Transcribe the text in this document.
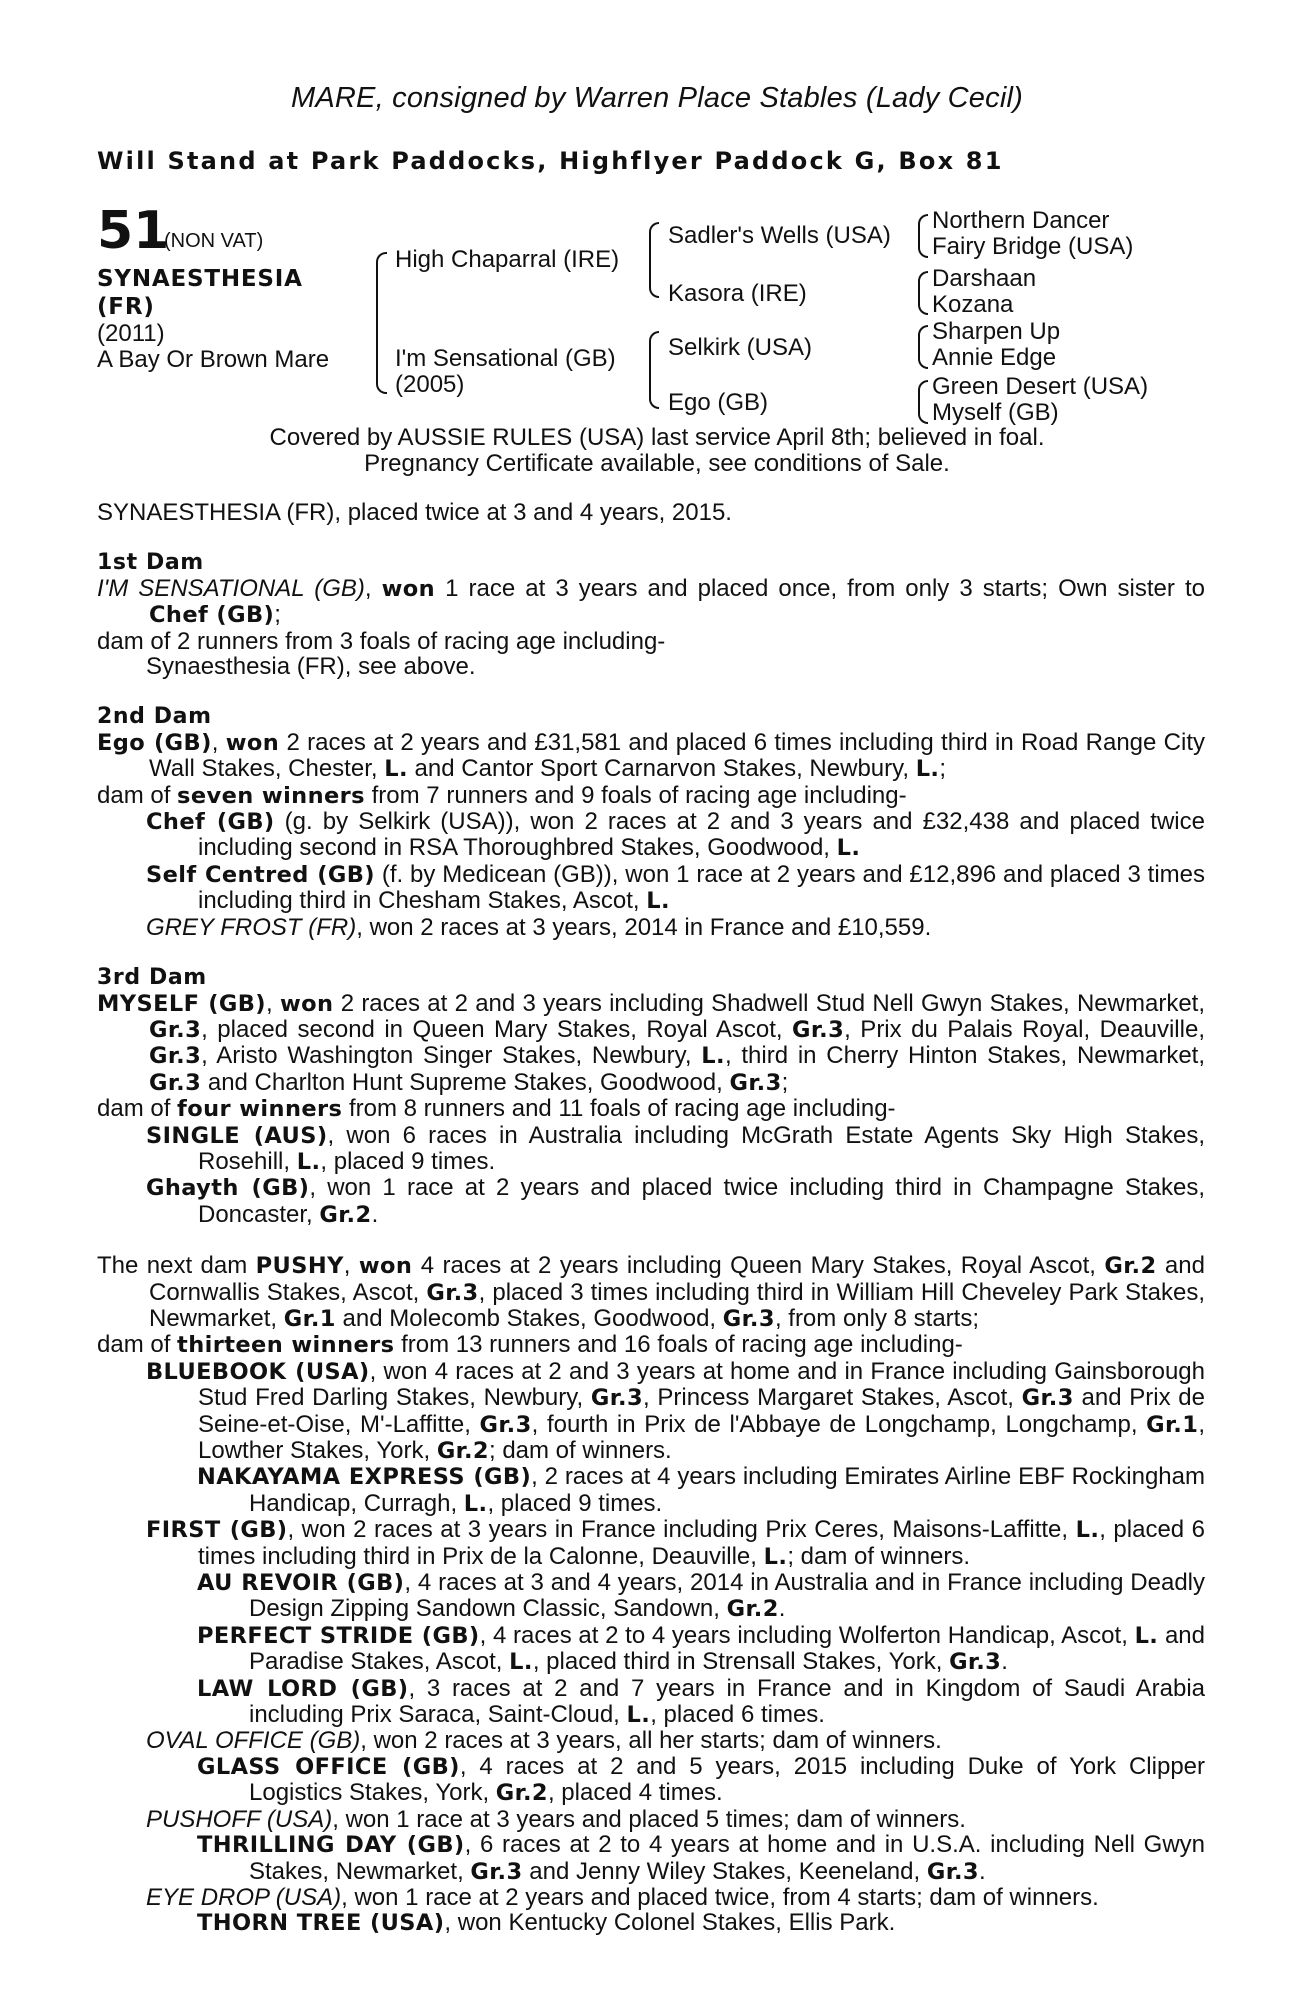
MARE, consigned by Warren Place Stables (Lady Cecil)
Will Stand at Park Paddocks, Highflyer Paddock G, Box 81
51
(NON VAT)
SYNAESTHESIA
(FR)
(2011)
A Bay Or Brown Mare
High Chaparral (IRE)
I'm Sensational (GB)
(2005)
Sadler's Wells (USA)
Kasora (IRE)
Selkirk (USA)
Ego (GB)
Northern Dancer
Fairy Bridge (USA)
Darshaan
Kozana
Sharpen Up
Annie Edge
Green Desert (USA)
Myself (GB)
Covered by AUSSIE RULES (USA) last service April 8th; believed in foal.
Pregnancy Certificate available, see conditions of Sale.

SYNAESTHESIA (FR), placed twice at 3 and 4 years, 2015.

1st Dam

I'M SENSATIONAL (GB), won 1 race at 3 years and placed once, from only 3 starts; Own sister to Chef (GB);

dam of 2 runners from 3 foals of racing age including-

Synaesthesia (FR), see above.

2nd Dam

Ego (GB), won 2 races at 2 years and £31,581 and placed 6 times including third in Road Range City Wall Stakes, Chester, L. and Cantor Sport Carnarvon Stakes, Newbury, L.;

dam of seven winners from 7 runners and 9 foals of racing age including-

Chef (GB) (g. by Selkirk (USA)), won 2 races at 2 and 3 years and £32,438 and placed twice including second in RSA Thoroughbred Stakes, Goodwood, L.

Self Centred (GB) (f. by Medicean (GB)), won 1 race at 2 years and £12,896 and placed 3 times including third in Chesham Stakes, Ascot, L.

GREY FROST (FR), won 2 races at 3 years, 2014 in France and £10,559.

3rd Dam

MYSELF (GB), won 2 races at 2 and 3 years including Shadwell Stud Nell Gwyn Stakes, Newmarket, Gr.3, placed second in Queen Mary Stakes, Royal Ascot, Gr.3, Prix du Palais Royal, Deauville, Gr.3, Aristo Washington Singer Stakes, Newbury, L., third in Cherry Hinton Stakes, Newmarket, Gr.3 and Charlton Hunt Supreme Stakes, Goodwood, Gr.3;

dam of four winners from 8 runners and 11 foals of racing age including-

SINGLE (AUS), won 6 races in Australia including McGrath Estate Agents Sky High Stakes, Rosehill, L., placed 9 times.

Ghayth (GB), won 1 race at 2 years and placed twice including third in Champagne Stakes, Doncaster, Gr.2.

The next dam PUSHY, won 4 races at 2 years including Queen Mary Stakes, Royal Ascot, Gr.2 and Cornwallis Stakes, Ascot, Gr.3, placed 3 times including third in William Hill Cheveley Park Stakes, Newmarket, Gr.1 and Molecomb Stakes, Goodwood, Gr.3, from only 8 starts;

dam of thirteen winners from 13 runners and 16 foals of racing age including-

BLUEBOOK (USA), won 4 races at 2 and 3 years at home and in France including Gainsborough Stud Fred Darling Stakes, Newbury, Gr.3, Princess Margaret Stakes, Ascot, Gr.3 and Prix de Seine-et-Oise, M'-Laffitte, Gr.3, fourth in Prix de l'Abbaye de Longchamp, Longchamp, Gr.1, Lowther Stakes, York, Gr.2; dam of winners.

NAKAYAMA EXPRESS (GB), 2 races at 4 years including Emirates Airline EBF Rockingham Handicap, Curragh, L., placed 9 times.

FIRST (GB), won 2 races at 3 years in France including Prix Ceres, Maisons-Laffitte, L., placed 6 times including third in Prix de la Calonne, Deauville, L.; dam of winners.

AU REVOIR (GB), 4 races at 3 and 4 years, 2014 in Australia and in France including Deadly Design Zipping Sandown Classic, Sandown, Gr.2.

PERFECT STRIDE (GB), 4 races at 2 to 4 years including Wolferton Handicap, Ascot, L. and Paradise Stakes, Ascot, L., placed third in Strensall Stakes, York, Gr.3.

LAW LORD (GB), 3 races at 2 and 7 years in France and in Kingdom of Saudi Arabia including Prix Saraca, Saint-Cloud, L., placed 6 times.

OVAL OFFICE (GB), won 2 races at 3 years, all her starts; dam of winners.

GLASS OFFICE (GB), 4 races at 2 and 5 years, 2015 including Duke of York Clipper Logistics Stakes, York, Gr.2, placed 4 times.

PUSHOFF (USA), won 1 race at 3 years and placed 5 times; dam of winners.

THRILLING DAY (GB), 6 races at 2 to 4 years at home and in U.S.A. including Nell Gwyn Stakes, Newmarket, Gr.3 and Jenny Wiley Stakes, Keeneland, Gr.3.

EYE DROP (USA), won 1 race at 2 years and placed twice, from 4 starts; dam of winners.

THORN TREE (USA), won Kentucky Colonel Stakes, Ellis Park.
